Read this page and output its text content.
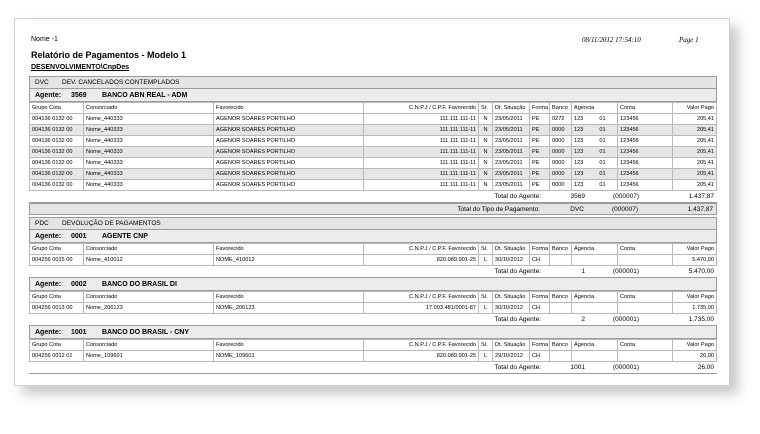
Nome -1	08/11/2012 17:54:10	Page 1
Relatório de Pagamentos - Modelo 1
DESENVOLVIMENTO\CnpDes
DVC	DEV. CANCELADOS CONTEMPLADOS
Agente:	3569	BANCO ABN REAL - ADM
Grupo Cota	Consorciado	Favorecido	C.N.P.J / C.P.F. Favorecido	St.	Dt. Situação	Forma	Banco	Agencia	Conta	Valor Pago
004136 0132 00	Nome_440333	AGENOR SOARES PORTILHO	111.111.111-11	N	23/05/2011	PE	0272	123 01	123456	205,41
004136 0132 00	Nome_440333	AGENOR SOARES PORTILHO	111.111.111-11	N	23/05/2011	PE	0000	123 01	123456	205,41
004136 0132 00	Nome_440333	AGENOR SOARES PORTILHO	111.111.111-11	N	23/05/2011	PE	0000	123 01	123456	205,41
004136 0132 00	Nome_440333	AGENOR SOARES PORTILHO	111.111.111-11	N	23/05/2011	PE	0000	123 01	123456	205,41
004136 0132 00	Nome_440333	AGENOR SOARES PORTILHO	111.111.111-11	N	23/05/2011	PE	0000	123 01	123456	205,41
004136 0132 00	Nome_440333	AGENOR SOARES PORTILHO	111.111.111-11	N	23/05/2011	PE	0000	123 01	123456	205,41
004136 0132 00	Nome_440333	AGENOR SOARES PORTILHO	111.111.111-11	N	23/05/2011	PE	0000	123 01	123456	205,41
Total do Agente:	3569	(000007)	1.437,87
Total do Tipo de Pagamento:	DVC	(000007)	1.437,87
PDC	DEVOLUÇÃO DE PAGAMENTOS
Agente:	0001	AGENTE CNP
Grupo Cota	Consorciado	Favorecido	C.N.P.J / C.P.F. Favorecido	St.	Dt. Situação	Forma	Banco	Agencia	Conta	Valor Pago
004256 0015 00	Nome_410012	NOME_410012	820.089.901-25	L	30/10/2012	CH				5.470,00
Total do Agente:	1	(000001)	5.470,00
Agente:	0002	BANCO DO BRASIL DI
Grupo Cota	Consorciado	Favorecido	C.N.P.J / C.P.F. Favorecido	St.	Dt. Situação	Forma	Banco	Agencia	Conta	Valor Pago
004256 0013 00	Nome_206123	NOME_206123	17.093.481/0001-87	L	30/10/2012	CH				1.735,00
Total do Agente:	2	(000001)	1.735,00
Agente:	1001	BANCO DO BRASIL - CNY
Grupo Cota	Consorciado	Favorecido	C.N.P.J / C.P.F. Favorecido	St.	Dt. Situação	Forma	Banco	Agencia	Conta	Valor Pago
004256 0012 01	Nome_109601	NOME_109601	820.089.901-25	L	29/10/2012	CH				26,00
Total do Agente:	1001	(000001)	26,00
